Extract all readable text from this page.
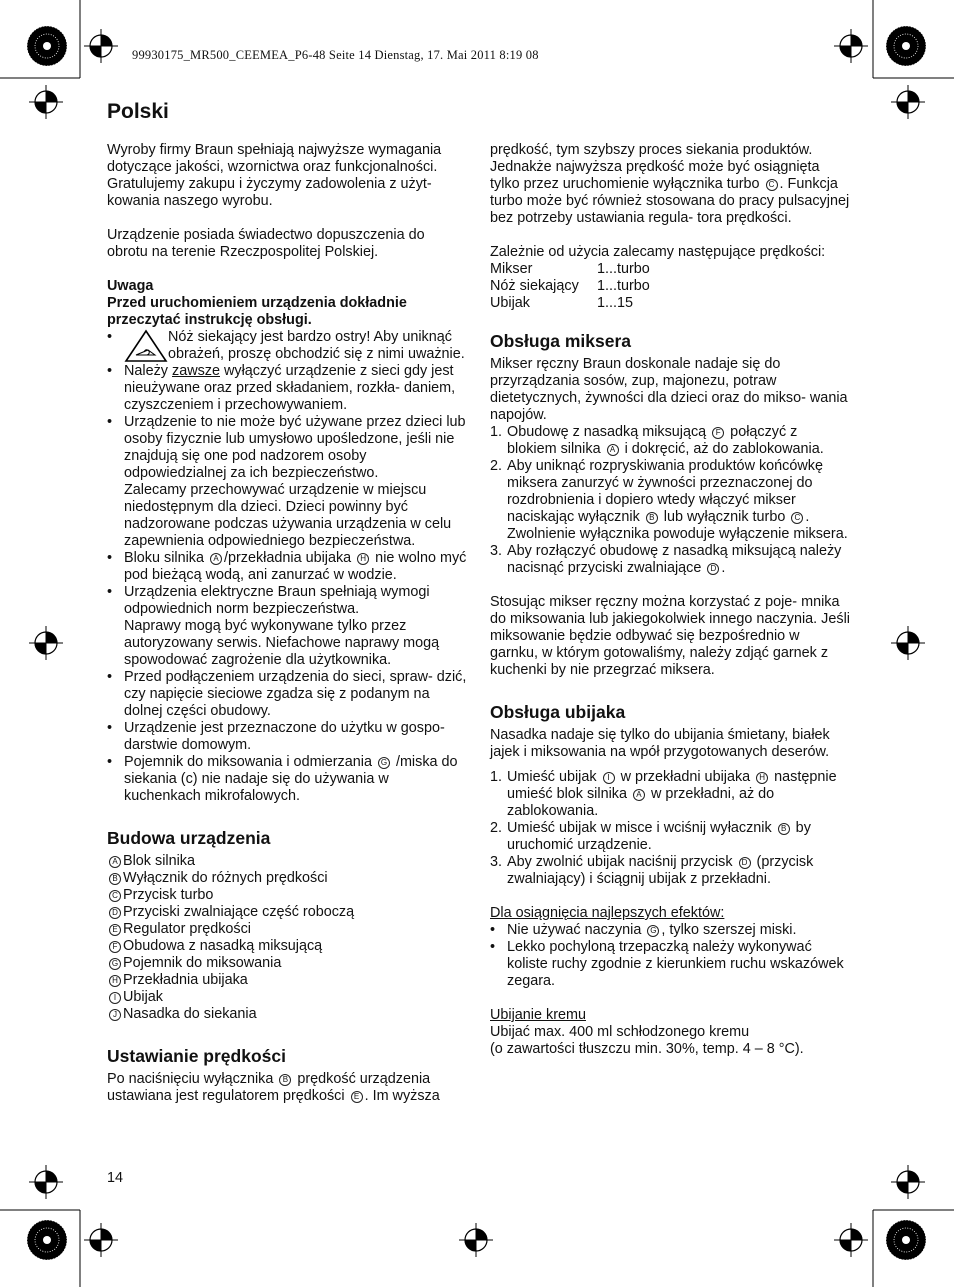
99930175_MR500_CEEMEA_P6-48 Seite 14 Dienstag, 17. Mai 2011 8:19 08
Polski

Wyroby firmy Braun spełniają najwyższe wymagania dotyczące jakości, wzornictwa oraz funkcjonalności. Gratulujemy zakupu i życzymy zadowolenia z użyt- kowania naszego wyrobu.

Urządzenie posiada świadectwo dopuszczenia do obrotu na terenie Rzeczpospolitej Polskiej.

Uwaga

Przed uruchomieniem urządzenia dokładnie przeczytać instrukcję obsługi.

• Nóż siekający jest bardzo ostry! Aby uniknąć obrażeń, proszę obchodzić się z nimi uważnie.
• Należy zawsze wyłączyć urządzenie z sieci gdy jest nieużywane oraz przed składaniem, rozkła- daniem, czyszczeniem i przechowywaniem.
• Urządzenie to nie może być używane przez dzieci lub osoby fizycznie lub umysłowo upośledzone, jeśli nie znajdują się one pod nadzorem osoby odpowiedzialnej za ich bezpieczeństwo.
Zalecamy przechowywać urządzenie w miejscu niedostępnym dla dzieci. Dzieci powinny być nadzorowane podczas używania urządzenia w celu zapewnienia odpowiedniego bezpieczeństwa.
• Bloku silnika A /przekładnia ubijaka H nie wolno myć pod bieżącą wodą, ani zanurzać w wodzie.
• Urządzenia elektryczne Braun spełniają wymogi odpowiednich norm bezpieczeństwa.
Naprawy mogą być wykonywane tylko przez autoryzowany serwis. Niefachowe naprawy mogą spowodować zagrożenie dla użytkownika.
• Przed podłączeniem urządzenia do sieci, spraw- dzić, czy napięcie sieciowe zgadza się z podanym na dolnej części obudowy.
• Urządzenie jest przeznaczone do użytku w gospo- darstwie domowym.
• Pojemnik do miksowania i odmierzania G /miska do siekania (c) nie nadaje się do używania w kuchenkach mikrofalowych.

Budowa urządzenia

A Blok silnika
B Wyłącznik do różnych prędkości
C Przycisk turbo
D Przyciski zwalniające część roboczą
E Regulator prędkości
F Obudowa z nasadką miksującą
G Pojemnik do miksowania
H Przekładnia ubijaka
I Ubijak
J Nasadka do siekania

Ustawianie prędkości

Po naciśnięciu wyłącznika B prędkość urządzenia ustawiana jest regulatorem prędkości E . Im wyższa

prędkość, tym szybszy proces siekania produktów. Jednakże najwyższa prędkość może być osiągnięta tylko przez uruchomienie wyłącznika turbo C . Funkcja turbo może być również stosowana do pracy pulsacyjnej bez potrzeby ustawiania regula- tora prędkości.

Zależnie od użycia zalecamy następujące prędkości:

Mikser	1...turbo
Nóż siekający	1...turbo
Ubijak	1...15

Obsługa miksera

Mikser ręczny Braun doskonale nadaje się do przyrządzania sosów, zup, majonezu, potraw dietetycznych, żywności dla dzieci oraz do mikso- wania napojów.

1. Obudowę z nasadką miksującą F połączyć z blokiem silnika A i dokręcić, aż do zablokowania.
2. Aby uniknąć rozpryskiwania produktów końcówkę miksera zanurzyć w żywności przeznaczonej do rozdrobnienia i dopiero wtedy włączyć mikser naciskając wyłącznik B lub wyłącznik turbo C . Zwolnienie wyłącznika powoduje wyłączenie miksera.
3. Aby rozłączyć obudowę z nasadką miksującą należy nacisnąć przyciski zwalniające D .

Stosując mikser ręczny można korzystać z poje- mnika do miksowania lub jakiegokolwiek innego naczynia. Jeśli miksowanie będzie odbywać się bezpośrednio w garnku, w którym gotowaliśmy, należy zdjąć garnek z kuchenki by nie przegrzać miksera.

Obsługa ubijaka

Nasadka nadaje się tylko do ubijania śmietany, białek jajek i miksowania na wpół przygotowanych deserów.

1. Umieść ubijak I w przekładni ubijaka H następnie umieść blok silnika A w przekładni, aż do zablokowania.
2. Umieść ubijak w misce i wciśnij wyłacznik B by uruchomić urządzenie.
3. Aby zwolnić ubijak naciśnij przycisk D (przycisk zwalniający) i ściągnij ubijak z przekładni.

Dla osiągnięcia najlepszych efektów:

• Nie używać naczynia G , tylko szerszej miski.
• Lekko pochyloną trzepaczką należy wykonywać koliste ruchy zgodnie z kierunkiem ruchu wskazówek zegara.

Ubijanie kremu

Ubijać max. 400 ml schłodzonego kremu

(o zawartości tłuszczu min. 30%, temp. 4 – 8 °C).

14
